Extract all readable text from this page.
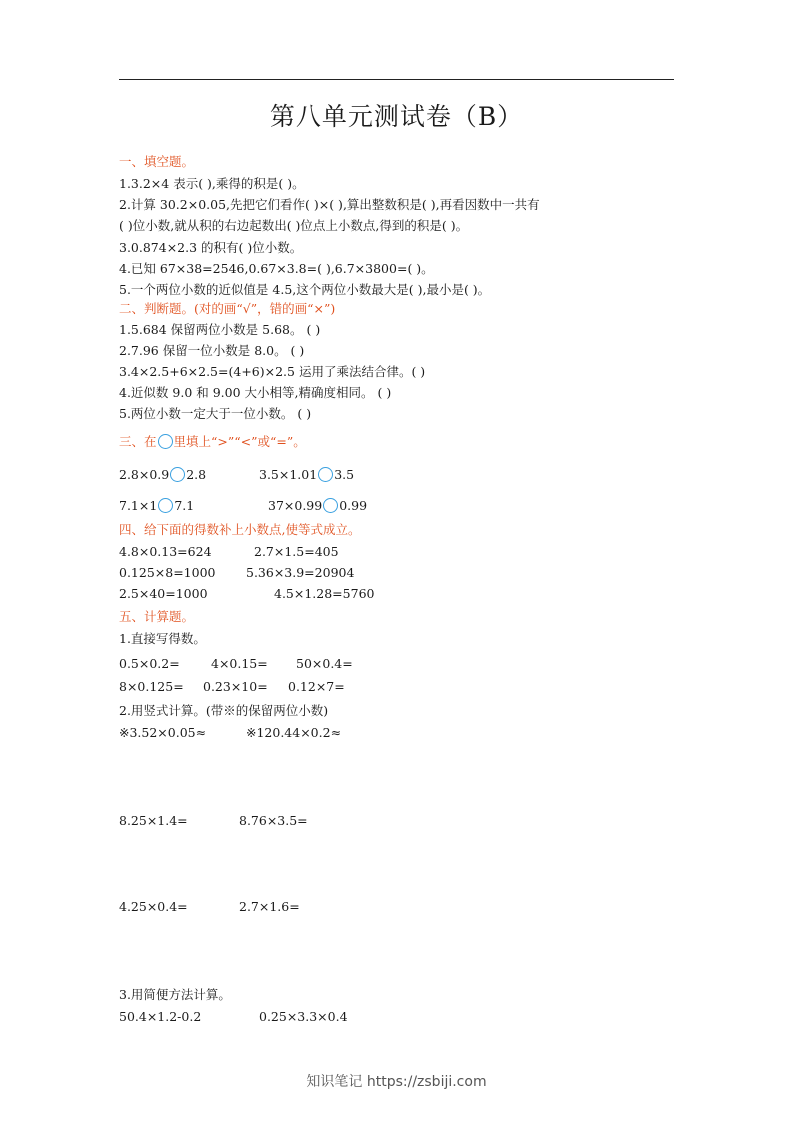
第八单元测试卷（B）
一、填空题。
1.3.2×4 表示( ),乘得的积是( )。
2.计算 30.2×0.05,先把它们看作( )×( ),算出整数积是( ),再看因数中一共有
( )位小数,就从积的右边起数出( )位点上小数点,得到的积是( )。
3.0.874×2.3 的积有( )位小数。
4.已知 67×38=2546,0.67×3.8=( ),6.7×3800=( )。
5.一个两位小数的近似值是 4.5,这个两位小数最大是( ),最小是( )。
二、判断题。(对的画“√”，错的画“×”)
1.5.684 保留两位小数是 5.68。 ( )
2.7.96 保留一位小数是 8.0。 ( )
3.4×2.5+6×2.5=(4+6)×2.5 运用了乘法结合律。( )
4.近似数 9.0 和 9.00 大小相等,精确度相同。 ( )
5.两位小数一定大于一位小数。 ( )
三、在 里填上“>”“<”或“=”。
2.8×0.9 2.8	3.5×1.01 3.5
7.1×1 7.1	37×0.99 0.99
四、给下面的得数补上小数点,使等式成立。
4.8×0.13=624	2.7×1.5=405
0.125×8=1000 5.36×3.9=20904
2.5×40=1000	4.5×1.28=5760
五、计算题。
1.直接写得数。
0.5×0.2=	4×0.15= 50×0.4=
8×0.125= 0.23×10= 0.12×7=
2.用竖式计算。(带※的保留两位小数)
※3.52×0.05≈	※120.44×0.2≈
8.25×1.4=	8.76×3.5=
4.25×0.4=	2.7×1.6=
3.用简便方法计算。
50.4×1.2-0.2	0.25×3.3×0.4
知识笔记 https://zsbiji.com
